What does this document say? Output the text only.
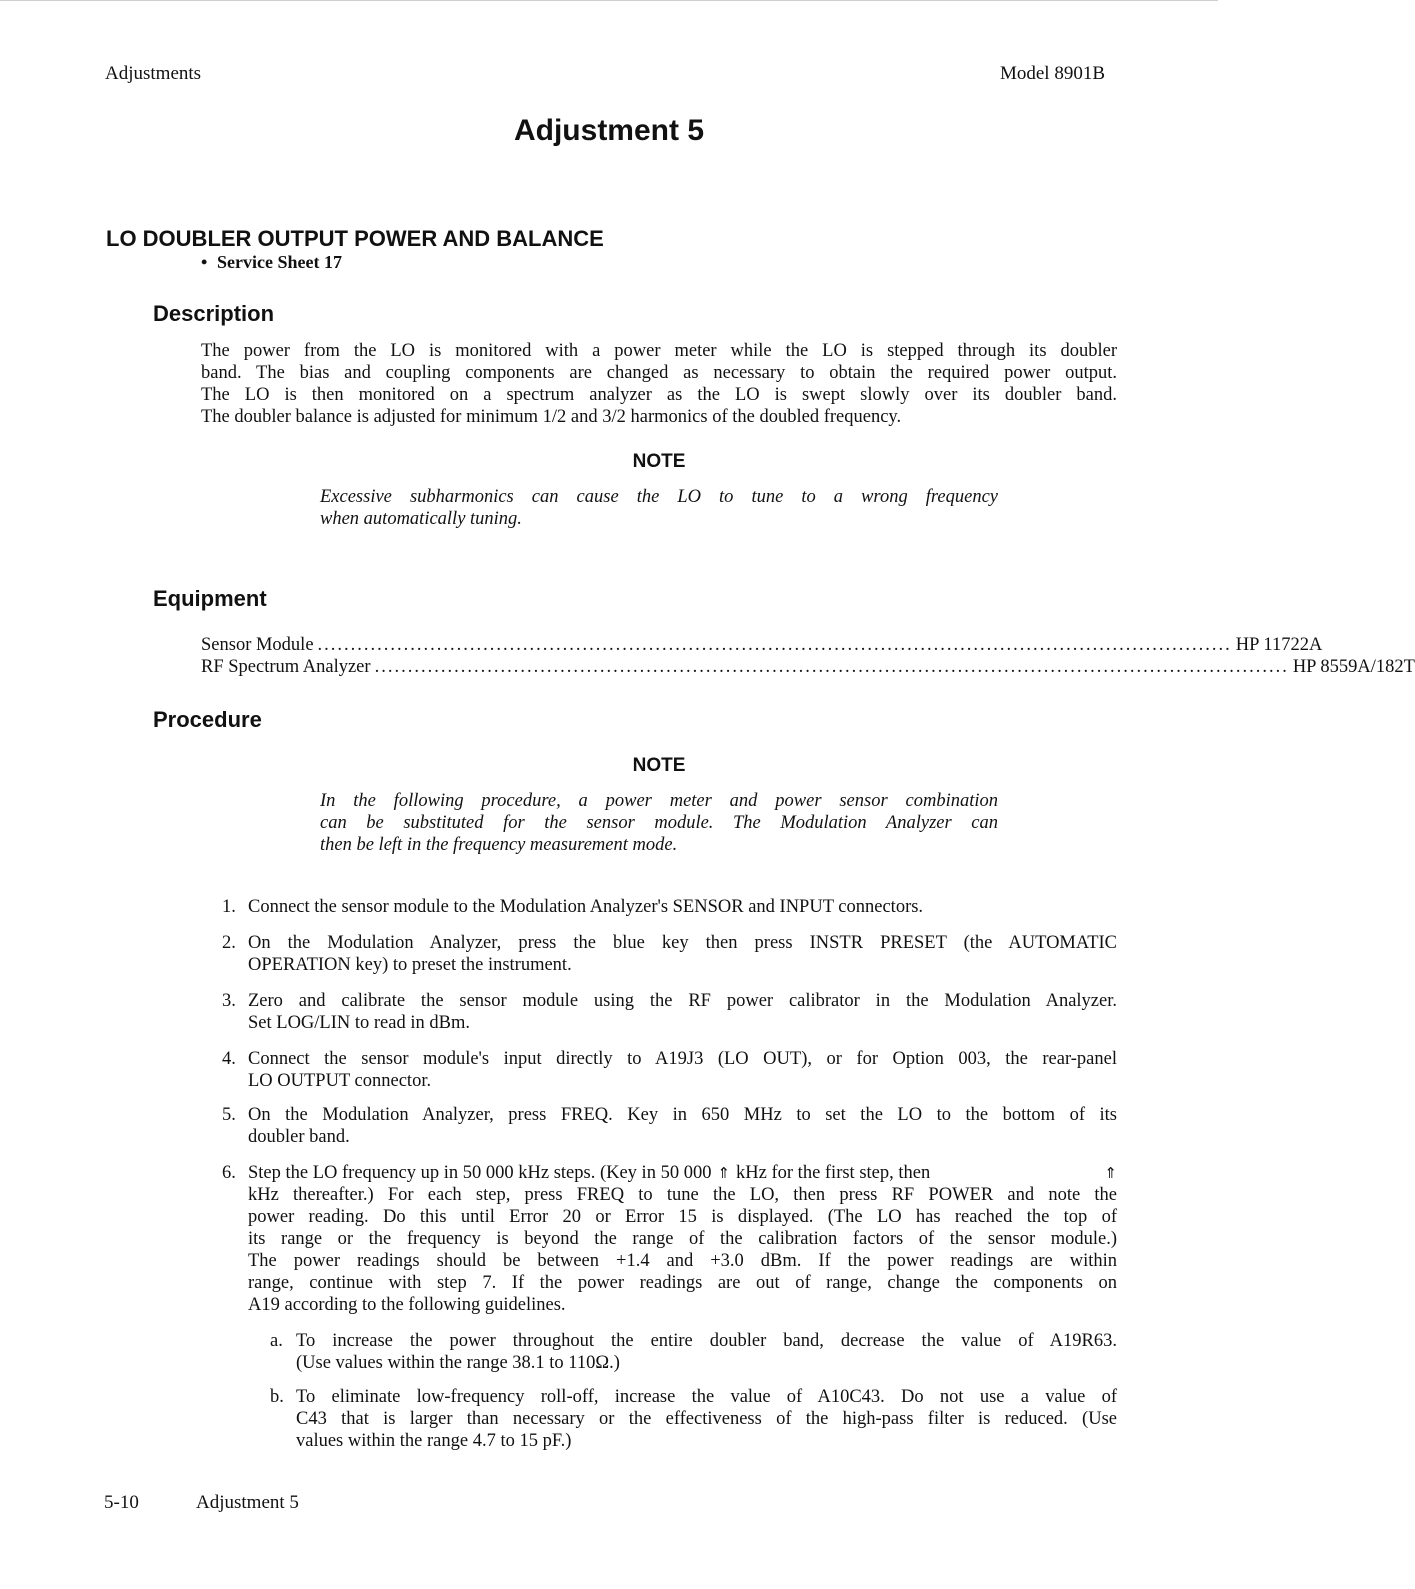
Adjustments	Model 8901B
Adjustment 5
LO DOUBLER OUTPUT POWER AND BALANCE
• Service Sheet 17
Description
The power from the LO is monitored with a power meter while the LO is stepped through its doubler
band. The bias and coupling components are changed as necessary to obtain the required power output.
The LO is then monitored on a spectrum analyzer as the LO is swept slowly over its doubler band.
The doubler balance is adjusted for minimum 1/2 and 3/2 harmonics of the doubled frequency.
NOTE
Excessive subharmonics can cause the LO to tune to a wrong frequency
when automatically tuning.
Equipment
Sensor Module .......................................................................................................................................... HP 11722A
RF Spectrum Analyzer .......................................................................................................................................... HP 8559A/182T
Procedure
NOTE
In the following procedure, a power meter and power sensor combination
can be substituted for the sensor module. The Modulation Analyzer can
then be left in the frequency measurement mode.
1. Connect the sensor module to the Modulation Analyzer's SENSOR and INPUT connectors.
2. On the Modulation Analyzer, press the blue key then press INSTR PRESET (the AUTOMATIC
OPERATION key) to preset the instrument.
3. Zero and calibrate the sensor module using the RF power calibrator in the Modulation Analyzer.
Set LOG/LIN to read in dBm.
4. Connect the sensor module's input directly to A19J3 (LO OUT), or for Option 003, the rear-panel
LO OUTPUT connector.
5. On the Modulation Analyzer, press FREQ. Key in 650 MHz to set the LO to the bottom of its
doubler band.
6. Step the LO frequency up in 50 000 kHz steps. (Key in 50 000 ⇑ kHz for the first step, then	⇑
kHz thereafter.) For each step, press FREQ to tune the LO, then press RF POWER and note the
power reading. Do this until Error 20 or Error 15 is displayed. (The LO has reached the top of
its range or the frequency is beyond the range of the calibration factors of the sensor module.)
The power readings should be between +1.4 and +3.0 dBm. If the power readings are within
range, continue with step 7. If the power readings are out of range, change the components on
A19 according to the following guidelines.
a. To increase the power throughout the entire doubler band, decrease the value of A19R63.
(Use values within the range 38.1 to 110Ω.)
b. To eliminate low-frequency roll-off, increase the value of A10C43. Do not use a value of
C43 that is larger than necessary or the effectiveness of the high-pass filter is reduced. (Use
values within the range 4.7 to 15 pF.)
5-10	Adjustment 5
